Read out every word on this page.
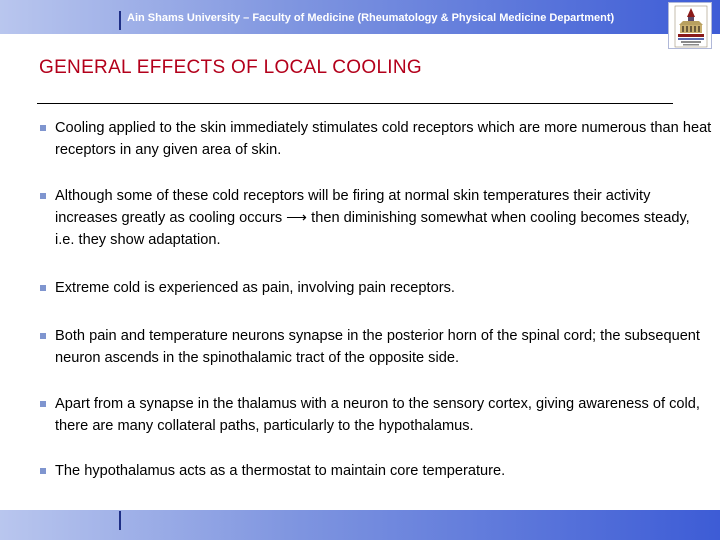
Ain Shams University – Faculty of Medicine (Rheumatology & Physical Medicine Department)
GENERAL EFFECTS OF LOCAL COOLING
Cooling applied to the skin immediately stimulates cold receptors which are more numerous than heat receptors in any given area of skin.
Although some of these cold receptors will be firing at normal skin temperatures their activity increases greatly as cooling occurs ⟶ then diminishing somewhat when cooling becomes steady, i.e. they show adaptation.
Extreme cold is experienced as pain, involving pain receptors.
Both pain and temperature neurons synapse in the posterior horn of the spinal cord; the subsequent neuron ascends in the spinothalamic tract of the opposite side.
Apart from a synapse in the thalamus with a neuron to the sensory cortex, giving awareness of cold, there are many collateral paths, particularly to the hypothalamus.
The hypothalamus acts as a thermostat to maintain core temperature.
